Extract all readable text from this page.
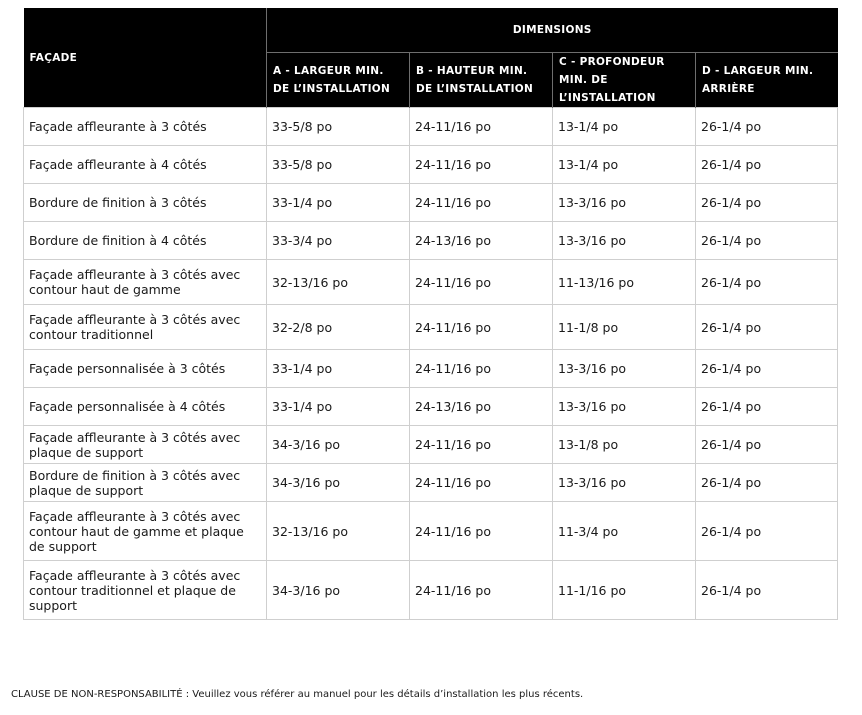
FAÇADE	DIMENSIONS			
	A - LARGEUR MIN. DE L’INSTALLATION	B - HAUTEUR MIN. DE L’INSTALLATION	C - PROFONDEUR MIN. DE L’INSTALLATION	D - LARGEUR MIN. ARRIÈRE
Façade affleurante à 3 côtés	33-5/8 po	24-11/16 po	13-1/4 po	26-1/4 po
Façade affleurante à 4 côtés	33-5/8 po	24-11/16 po	13-1/4 po	26-1/4 po
Bordure de finition à 3 côtés	33-1/4 po	24-11/16 po	13-3/16 po	26-1/4 po
Bordure de finition à 4 côtés	33-3/4 po	24-13/16 po	13-3/16 po	26-1/4 po
Façade affleurante à 3 côtés avec contour haut de gamme	32-13/16 po	24-11/16 po	11-13/16 po	26-1/4 po
Façade affleurante à 3 côtés avec contour traditionnel	32-2/8 po	24-11/16 po	11-1/8 po	26-1/4 po
Façade personnalisée à 3 côtés	33-1/4 po	24-11/16 po	13-3/16 po	26-1/4 po
Façade personnalisée à 4 côtés	33-1/4 po	24-13/16 po	13-3/16 po	26-1/4 po
Façade affleurante à 3 côtés avec plaque de support	34-3/16 po	24-11/16 po	13-1/8 po	26-1/4 po
Bordure de finition à 3 côtés avec plaque de support	34-3/16 po	24-11/16 po	13-3/16 po	26-1/4 po
Façade affleurante à 3 côtés avec contour haut de gamme et plaque de support	32-13/16 po	24-11/16 po	11-3/4 po	26-1/4 po
Façade affleurante à 3 côtés avec contour traditionnel et plaque de support	34-3/16 po	24-11/16 po	11-1/16 po	26-1/4 po
CLAUSE DE NON-RESPONSABILITÉ : Veuillez vous référer au manuel pour les détails d’installation les plus récents.
